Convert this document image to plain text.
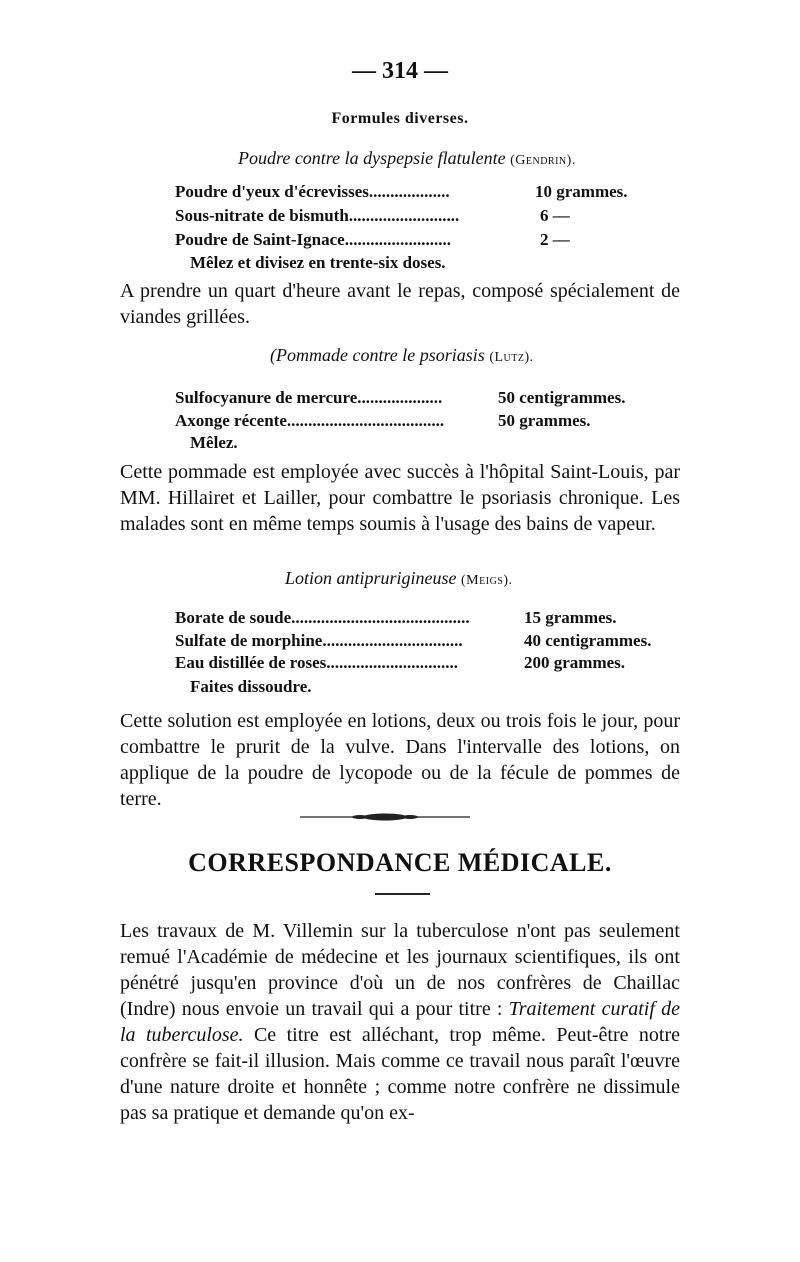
— 314 —
Formules diverses.
Poudre contre la dyspepsie flatulente (Gendrin).
Poudre d'yeux d'écrevisses...................	10 grammes.
Sous-nitrate de bismuth..........................	6 —
Poudre de Saint-Ignace.........................	2 —
Mêlez et divisez en trente-six doses.

A prendre un quart d'heure avant le repas, composé spécialement de viandes grillées.

(Pommade contre le psoriasis (Lutz).
Sulfocyanure de mercure....................	50 centigrammes.
Axonge récente.....................................	50 grammes.
Mêlez.

Cette pommade est employée avec succès à l'hôpital Saint-Louis, par MM. Hillairet et Lailler, pour combattre le psoriasis chronique. Les malades sont en même temps soumis à l'usage des bains de vapeur.

Lotion antiprurigineuse (Meigs).
Borate de soude..........................................	15 grammes.
Sulfate de morphine.................................	40 centigrammes.
Eau distillée de roses...............................	200 grammes.
Faites dissoudre.

Cette solution est employée en lotions, deux ou trois fois le jour, pour combattre le prurit de la vulve. Dans l'intervalle des lotions, on applique de la poudre de lycopode ou de la fécule de pommes de terre.

CORRESPONDANCE MÉDICALE.

Les travaux de M. Villemin sur la tuberculose n'ont pas seulement remué l'Académie de médecine et les journaux scientifiques, ils ont pénétré jusqu'en province d'où un de nos confrères de Chaillac (Indre) nous envoie un travail qui a pour titre : Traitement curatif de la tuberculose. Ce titre est alléchant, trop même. Peut-être notre confrère se fait-il illusion. Mais comme ce travail nous paraît l'œuvre d'une nature droite et honnête ; comme notre confrère ne dissimule pas sa pratique et demande qu'on ex-
